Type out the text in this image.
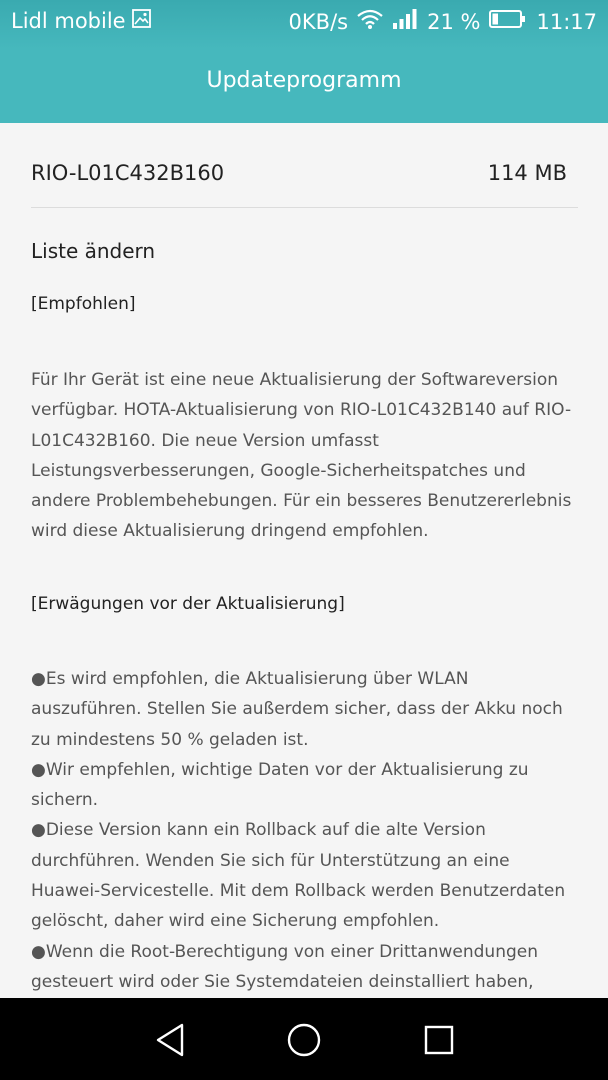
Lidl mobile	0KB/s	21 %	11:17
Updateprogramm
RIO-L01C432B160	114 MB
Liste ändern
[Empfohlen]
Für Ihr Gerät ist eine neue Aktualisierung der Softwareversion verfügbar. HOTA-Aktualisierung von RIO-L01C432B140 auf RIO-L01C432B160. Die neue Version umfasst Leistungsverbesserungen, Google-Sicherheitspatches und andere Problembehebungen. Für ein besseres Benutzererlebnis wird diese Aktualisierung dringend empfohlen.
[Erwägungen vor der Aktualisierung]

●Es wird empfohlen, die Aktualisierung über WLAN auszuführen. Stellen Sie außerdem sicher, dass der Akku noch zu mindestens 50 % geladen ist.

●Wir empfehlen, wichtige Daten vor der Aktualisierung zu sichern.

●Diese Version kann ein Rollback auf die alte Version durchführen. Wenden Sie sich für Unterstützung an eine Huawei-Servicestelle. Mit dem Rollback werden Benutzerdaten gelöscht, daher wird eine Sicherung empfohlen.

●Wenn die Root-Berechtigung von einer Drittanwendungen gesteuert wird oder Sie Systemdateien deinstalliert haben,
